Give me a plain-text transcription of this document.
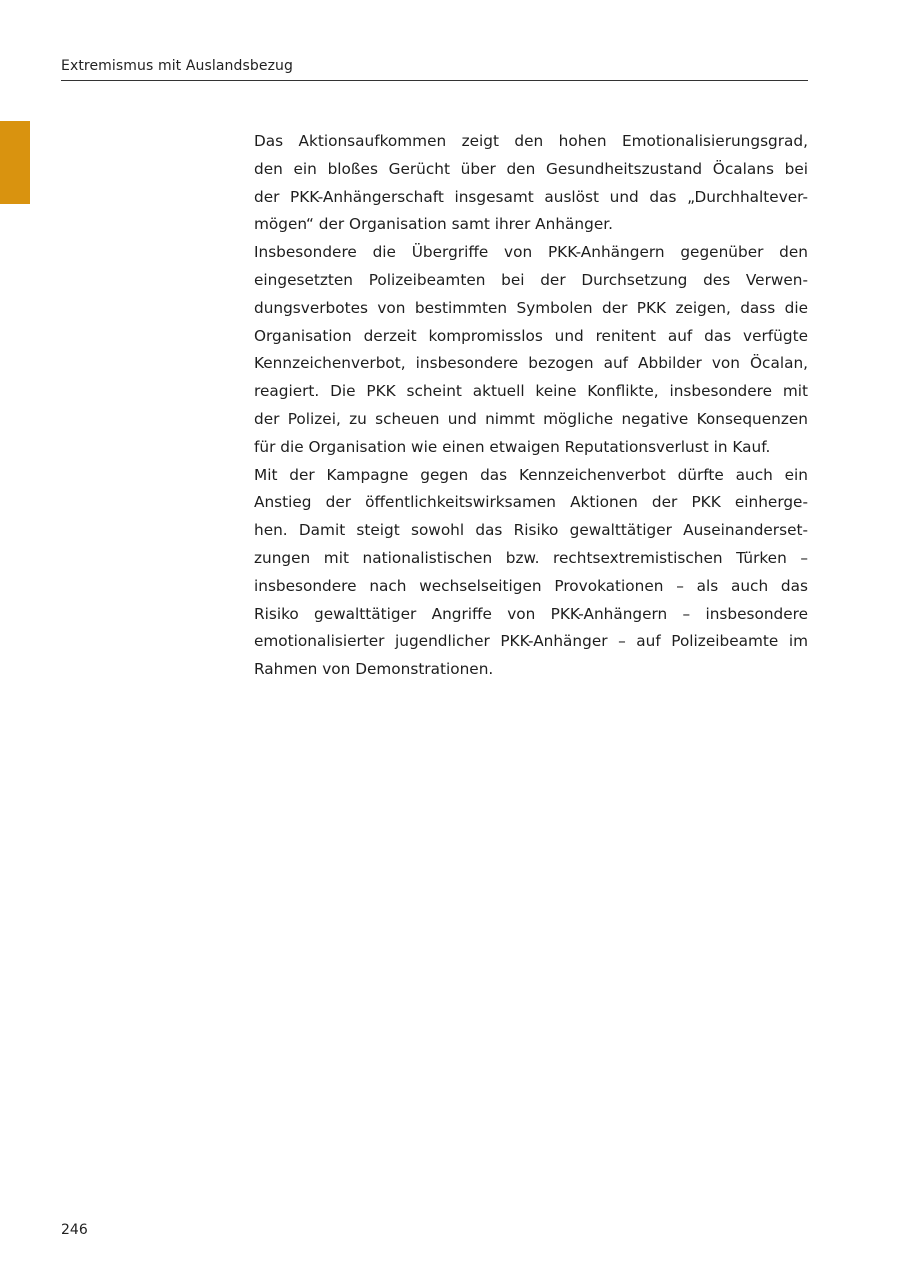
Extremismus mit Auslandsbezug

Das Aktionsaufkommen zeigt den hohen Emotionalisierungsgrad,
den ein bloßes Gerücht über den Gesundheitszustand Öcalans bei
der PKK-Anhängerschaft insgesamt auslöst und das „Durchhaltever-
mögen“ der Organisation samt ihrer Anhänger.

Insbesondere die Übergriffe von PKK-Anhängern gegenüber den
eingesetzten Polizeibeamten bei der Durchsetzung des Verwen-
dungsverbotes von bestimmten Symbolen der PKK zeigen, dass die
Organisation derzeit kompromisslos und renitent auf das verfügte
Kennzeichenverbot, insbesondere bezogen auf Abbilder von Öcalan,
reagiert. Die PKK scheint aktuell keine Konflikte, insbesondere mit
der Polizei, zu scheuen und nimmt mögliche negative Konsequenzen
für die Organisation wie einen etwaigen Reputationsverlust in Kauf.

Mit der Kampagne gegen das Kennzeichenverbot dürfte auch ein
Anstieg der öffentlichkeitswirksamen Aktionen der PKK einherge-
hen. Damit steigt sowohl das Risiko gewalttätiger Auseinanderset-
zungen mit nationalistischen bzw. rechtsextremistischen Türken –
insbesondere nach wechselseitigen Provokationen – als auch das
Risiko gewalttätiger Angriffe von PKK-Anhängern – insbesondere
emotionalisierter jugendlicher PKK-Anhänger – auf Polizeibeamte im
Rahmen von Demonstrationen.

246
